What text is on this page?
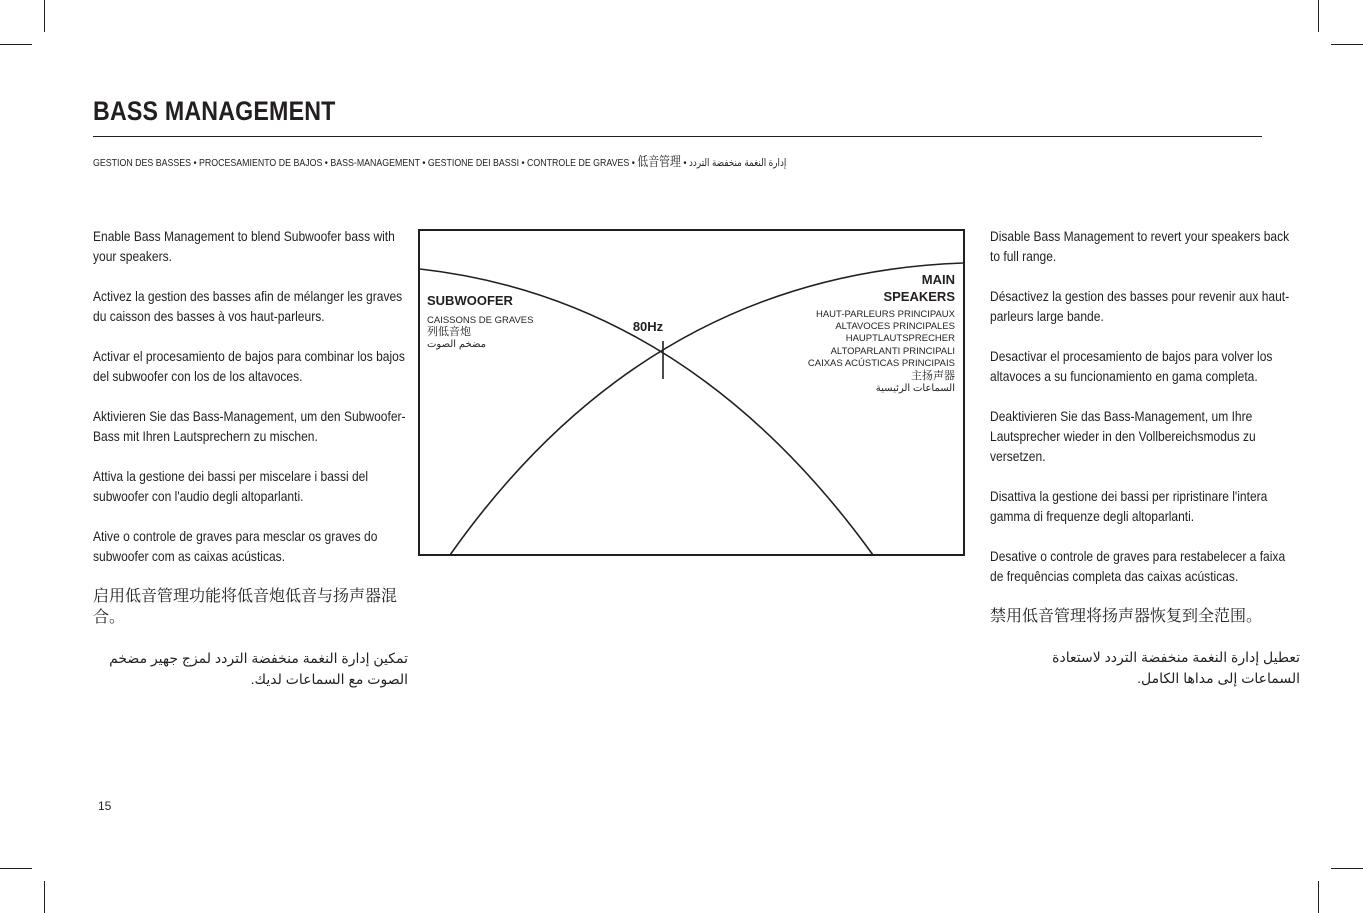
BASS MANAGEMENT
GESTION DES BASSES • PROCESAMIENTO DE BAJOS • BASS-MANAGEMENT • GESTIONE DEI BASSI • CONTROLE DE GRAVES • 低音管理 • إدارة النغمة منخفضة التردد

Enable Bass Management to blend Subwoofer bass with your speakers.

Activez la gestion des basses afin de mélanger les graves du caisson des basses à vos haut-parleurs.

Activar el procesamiento de bajos para combinar los bajos del subwoofer con los de los altavoces.

Aktivieren Sie das Bass-Management, um den Subwoofer-Bass mit Ihren Lautsprechern zu mischen.

Attiva la gestione dei bassi per miscelare i bassi del subwoofer con l'audio degli altoparlanti.

Ative o controle de graves para mesclar os graves do subwoofer com as caixas acústicas.

启用低音管理功能将低音炮低音与扬声器混合。

تمكين إدارة النغمة منخفضة التردد لمزج جهير مضخم الصوت مع السماعات لديك.

80Hz
SUBWOOFER
CAISSONS DE GRAVES
列低音炮
مضخم الصوت
MAIN
SPEAKERS
HAUT-PARLEURS PRINCIPAUX
ALTAVOCES PRINCIPALES
HAUPTLAUTSPRECHER
ALTOPARLANTI PRINCIPALI
CAIXAS ACÚSTICAS PRINCIPAIS
主扬声器
السماعات الرئيسية

Disable Bass Management to revert your speakers back to full range.

Désactivez la gestion des basses pour revenir aux haut-parleurs large bande.

Desactivar el procesamiento de bajos para volver los altavoces a su funcionamiento en gama completa.

Deaktivieren Sie das Bass-Management, um Ihre Lautsprecher wieder in den Vollbereichsmodus zu versetzen.

Disattiva la gestione dei bassi per ripristinare l'intera gamma di frequenze degli altoparlanti.

Desative o controle de graves para restabelecer a faixa de frequências completa das caixas acústicas.

禁用低音管理将扬声器恢复到全范围。

تعطيل إدارة النغمة منخفضة التردد لاستعادة السماعات إلى مداها الكامل.

15
